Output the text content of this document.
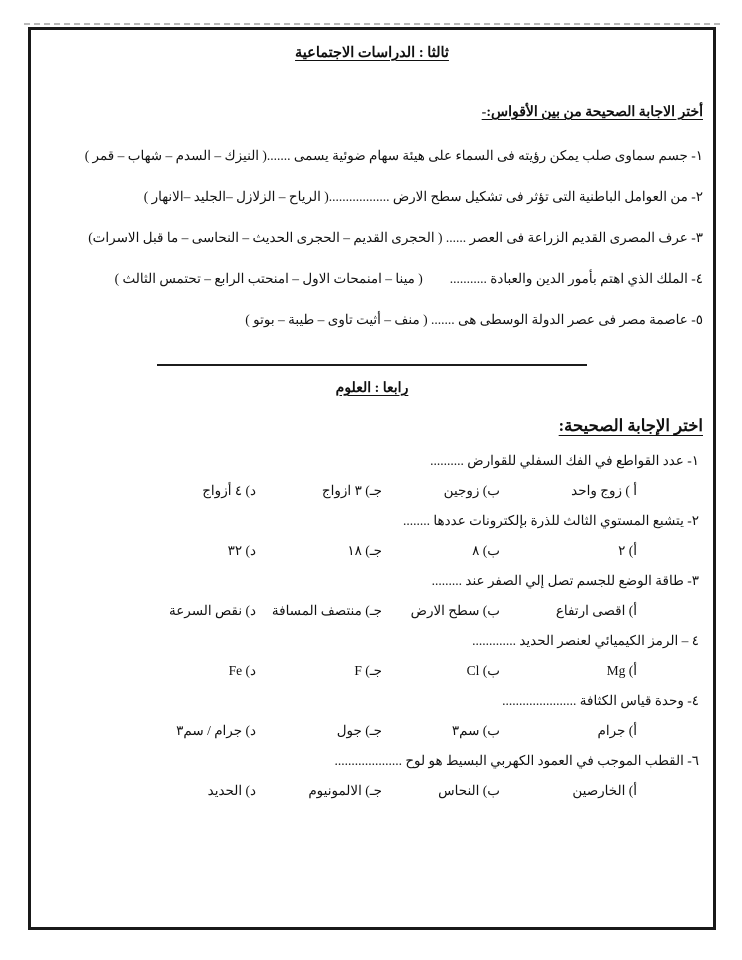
ثالثا : الدراسات الاجتماعية
أختر الاجابة الصحيحة من بين الأقواس:-

١- جسم سماوى صلب يمكن رؤيته فى السماء على هيئة سهام ضوئية يسمى .......( النيزك – السدم – شهاب – قمر )

٢- من العوامل الباطنية التى تؤثر فى تشكيل سطح الارض ..................( الرياح – الزلازل –الجليد –الانهار )

٣- عرف المصرى القديم الزراعة فى العصر ...... ( الحجرى القديم – الحجرى الحديث – النحاسى – ما قبل الاسرات)

٤- الملك الذي اهتم بأمور الدين والعبادة ...........        ( مينا – امنمحات الاول – امنحتب الرابع – تحتمس الثالث )

٥- عاصمة مصر فى عصر الدولة الوسطى هى ....... ( منف – أثيت تاوى – طيبة – بوتو )

رابعا : العلوم
اختر الإجابة الصحيحة:

١- عدد القواطع في الفك السفلي للقوارض ..........

أ ) زوج واحد
ب) زوجين
جـ) ٣ ازواج
د) ٤ أزواج

٢- يتشبع المستوي الثالث للذرة بإلكترونات عددها ........

أ) ٢
ب) ٨
جـ) ١٨
د) ٣٢

٣- طاقة الوضع للجسم تصل إلي الصفر عند .........

أ) اقصى ارتفاع
ب) سطح الارض
جـ) منتصف المسافة
د) نقص السرعة

٤ – الرمز الكيميائي لعنصر الحديد .............

أ) Mg
ب) Cl
جـ) F
د) Fe

٤- وحدة قياس الكثافة ......................

أ) جرام
ب) سم٣
جـ) جول
د) جرام / سم٣

٦- القطب الموجب في العمود الكهربي البسيط هو لوح ....................

أ) الخارصين
ب) النحاس
جـ) الالمونيوم
د) الحديد
